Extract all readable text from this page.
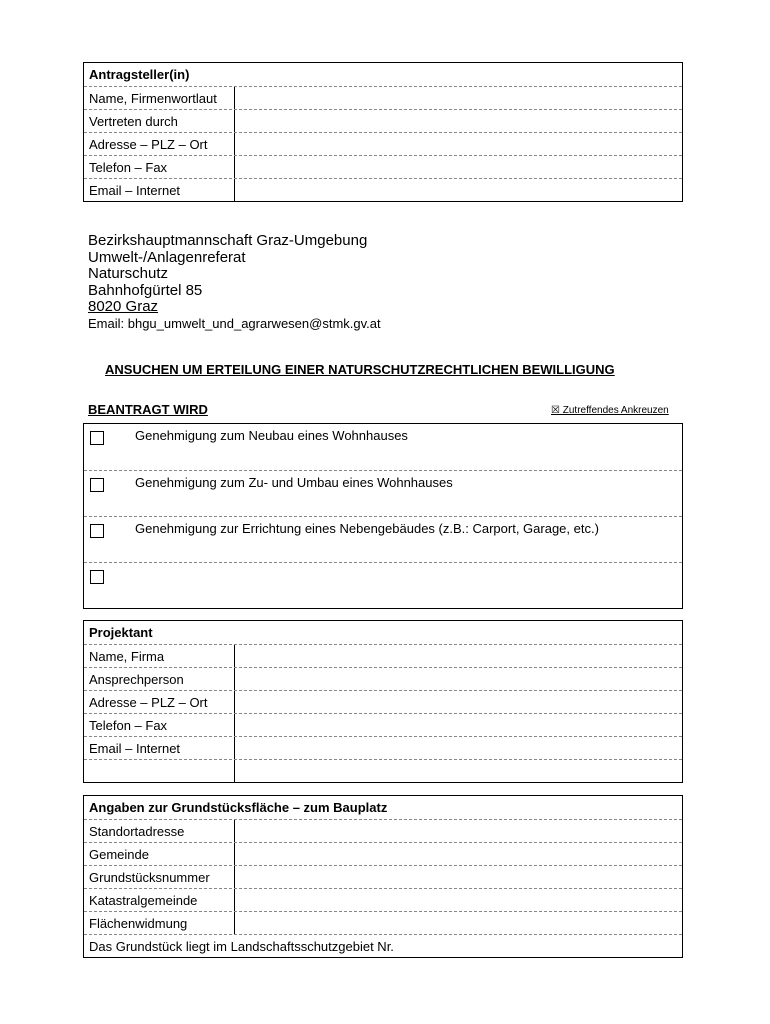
Antragsteller(in)
Name, Firmenwortlaut
Vertreten durch
Adresse – PLZ – Ort
Telefon – Fax
Email – Internet
Bezirkshauptmannschaft Graz-Umgebung
Umwelt-/Anlagenreferat
Naturschutz
Bahnhofgürtel 85
8020 Graz
Email: bhgu_umwelt_und_agrarwesen@stmk.gv.at
ANSUCHEN UM ERTEILUNG EINER NATURSCHUTZRECHTLICHEN BEWILLIGUNG
BEANTRAGT WIRD	☒ Zutreffendes Ankreuzen
Genehmigung zum Neubau eines Wohnhauses
Genehmigung zum Zu- und Umbau eines Wohnhauses
Genehmigung zur Errichtung eines Nebengebäudes (z.B.: Carport, Garage, etc.)
Projektant
Name, Firma
Ansprechperson
Adresse – PLZ – Ort
Telefon – Fax
Email – Internet
Angaben zur Grundstücksfläche – zum Bauplatz
Standortadresse
Gemeinde
Grundstücksnummer
Katastralgemeinde
Flächenwidmung
Das Grundstück liegt im Landschaftsschutzgebiet Nr.
